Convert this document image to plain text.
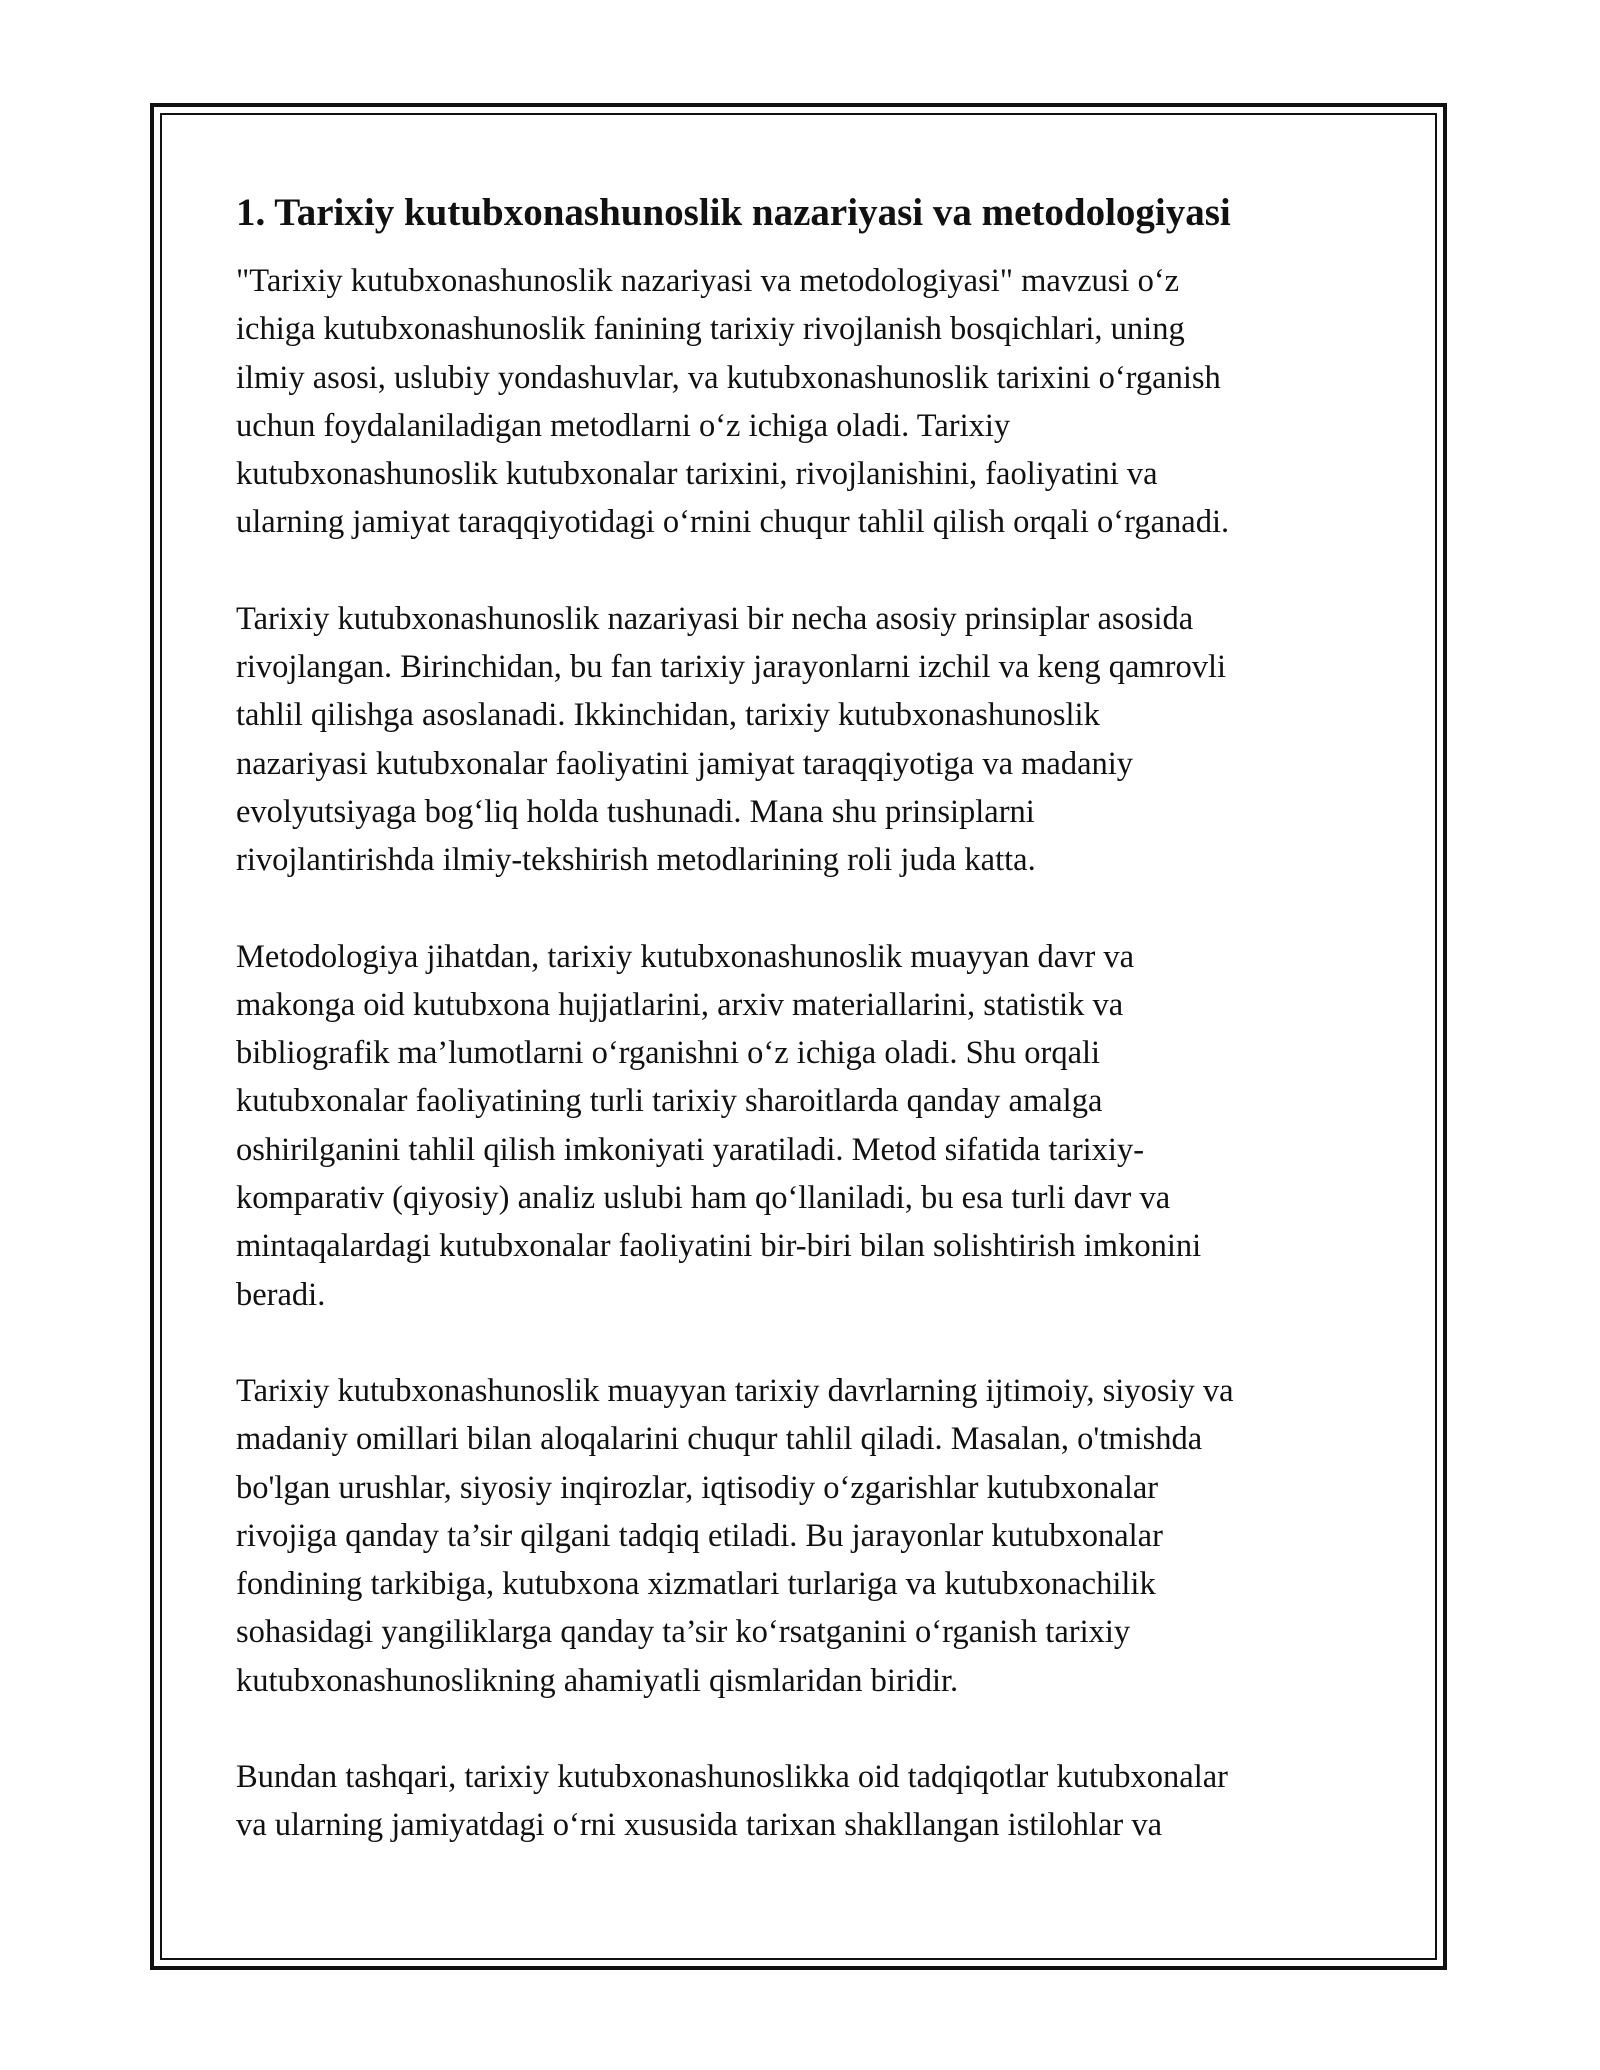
1. Tarixiy kutubxonashunoslik nazariyasi va metodologiyasi

"Tarixiy kutubxonashunoslik nazariyasi va metodologiyasi" mavzusi o‘z
ichiga kutubxonashunoslik fanining tarixiy rivojlanish bosqichlari, uning
ilmiy asosi, uslubiy yondashuvlar, va kutubxonashunoslik tarixini o‘rganish
uchun foydalaniladigan metodlarni o‘z ichiga oladi. Tarixiy
kutubxonashunoslik kutubxonalar tarixini, rivojlanishini, faoliyatini va
ularning jamiyat taraqqiyotidagi o‘rnini chuqur tahlil qilish orqali o‘rganadi.

Tarixiy kutubxonashunoslik nazariyasi bir necha asosiy prinsiplar asosida
rivojlangan. Birinchidan, bu fan tarixiy jarayonlarni izchil va keng qamrovli
tahlil qilishga asoslanadi. Ikkinchidan, tarixiy kutubxonashunoslik
nazariyasi kutubxonalar faoliyatini jamiyat taraqqiyotiga va madaniy
evolyutsiyaga bog‘liq holda tushunadi. Mana shu prinsiplarni
rivojlantirishda ilmiy-tekshirish metodlarining roli juda katta.

Metodologiya jihatdan, tarixiy kutubxonashunoslik muayyan davr va
makonga oid kutubxona hujjatlarini, arxiv materiallarini, statistik va
bibliografik ma’lumotlarni o‘rganishni o‘z ichiga oladi. Shu orqali
kutubxonalar faoliyatining turli tarixiy sharoitlarda qanday amalga
oshirilganini tahlil qilish imkoniyati yaratiladi. Metod sifatida tarixiy-
komparativ (qiyosiy) analiz uslubi ham qo‘llaniladi, bu esa turli davr va
mintaqalardagi kutubxonalar faoliyatini bir-biri bilan solishtirish imkonini
beradi.

Tarixiy kutubxonashunoslik muayyan tarixiy davrlarning ijtimoiy, siyosiy va
madaniy omillari bilan aloqalarini chuqur tahlil qiladi. Masalan, o'tmishda
bo'lgan urushlar, siyosiy inqirozlar, iqtisodiy o‘zgarishlar kutubxonalar
rivojiga qanday ta’sir qilgani tadqiq etiladi. Bu jarayonlar kutubxonalar
fondining tarkibiga, kutubxona xizmatlari turlariga va kutubxonachilik
sohasidagi yangiliklarga qanday ta’sir ko‘rsatganini o‘rganish tarixiy
kutubxonashunoslikning ahamiyatli qismlaridan biridir.

Bundan tashqari, tarixiy kutubxonashunoslikka oid tadqiqotlar kutubxonalar
va ularning jamiyatdagi o‘rni xususida tarixan shakllangan istilohlar va
